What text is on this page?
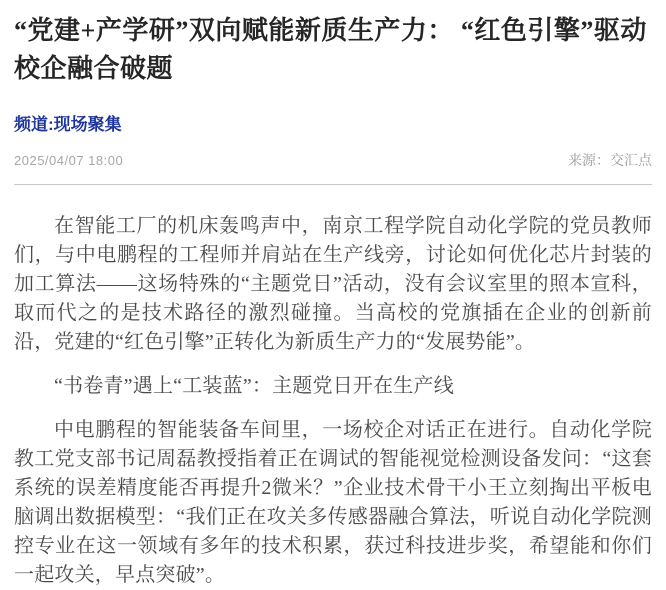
“党建+产学研”双向赋能新质生产力： “红色引擎”驱动校企融合破题
频道:现场聚集
2025/04/07 18:00	来源：交汇点

在智能工厂的机床轰鸣声中，南京工程学院自动化学院的党员教师们，与中电鹏程的工程师并肩站在生产线旁，讨论如何优化芯片封装的加工算法——这场特殊的“主题党日”活动，没有会议室里的照本宣科，取而代之的是技术路径的激烈碰撞。当高校的党旗插在企业的创新前沿，党建的“红色引擎”正转化为新质生产力的“发展势能”。

“书卷青”遇上“工装蓝”：主题党日开在生产线

中电鹏程的智能装备车间里，一场校企对话正在进行。自动化学院教工党支部书记周磊教授指着正在调试的智能视觉检测设备发问：“这套系统的误差精度能否再提升2微米？”企业技术骨干小王立刻掏出平板电脑调出数据模型：“我们正在攻关多传感器融合算法，听说自动化学院测控专业在这一领域有多年的技术积累，获过科技进步奖，希望能和你们一起攻关，早点突破”。
